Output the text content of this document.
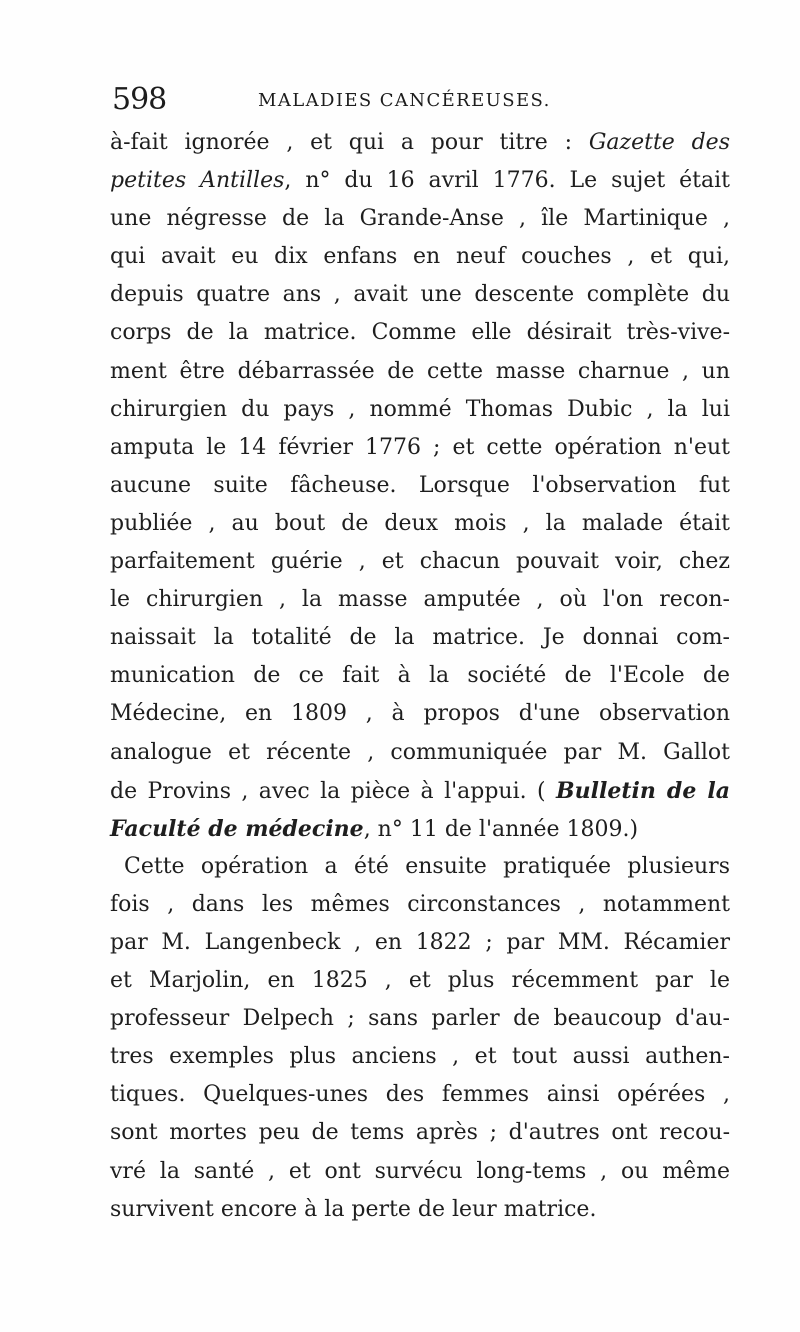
598	MALADIES CANCÉREUSES.
à-fait ignorée , et qui a pour titre : Gazette des
petites Antilles, n° du 16 avril 1776. Le sujet était
une négresse de la Grande-Anse , île Martinique ,
qui avait eu dix enfans en neuf couches , et qui,
depuis quatre ans , avait une descente complète du
corps de la matrice. Comme elle désirait très-vive-
ment être débarrassée de cette masse charnue , un
chirurgien du pays , nommé Thomas Dubic , la lui
amputa le 14 février 1776 ; et cette opération n'eut
aucune suite fâcheuse. Lorsque l'observation fut
publiée , au bout de deux mois , la malade était
parfaitement guérie , et chacun pouvait voir, chez
le chirurgien , la masse amputée , où l'on recon-
naissait la totalité de la matrice. Je donnai com-
munication de ce fait à la société de l'Ecole de
Médecine, en 1809 , à propos d'une observation
analogue et récente , communiquée par M. Gallot
de Provins , avec la pièce à l'appui. ( Bulletin de la
Faculté de médecine, n° 11 de l'année 1809.)
Cette opération a été ensuite pratiquée plusieurs
fois , dans les mêmes circonstances , notamment
par M. Langenbeck , en 1822 ; par MM. Récamier
et Marjolin, en 1825 , et plus récemment par le
professeur Delpech ; sans parler de beaucoup d'au-
tres exemples plus anciens , et tout aussi authen-
tiques. Quelques-unes des femmes ainsi opérées ,
sont mortes peu de tems après ; d'autres ont recou-
vré la santé , et ont survécu long-tems , ou même
survivent encore à la perte de leur matrice.
